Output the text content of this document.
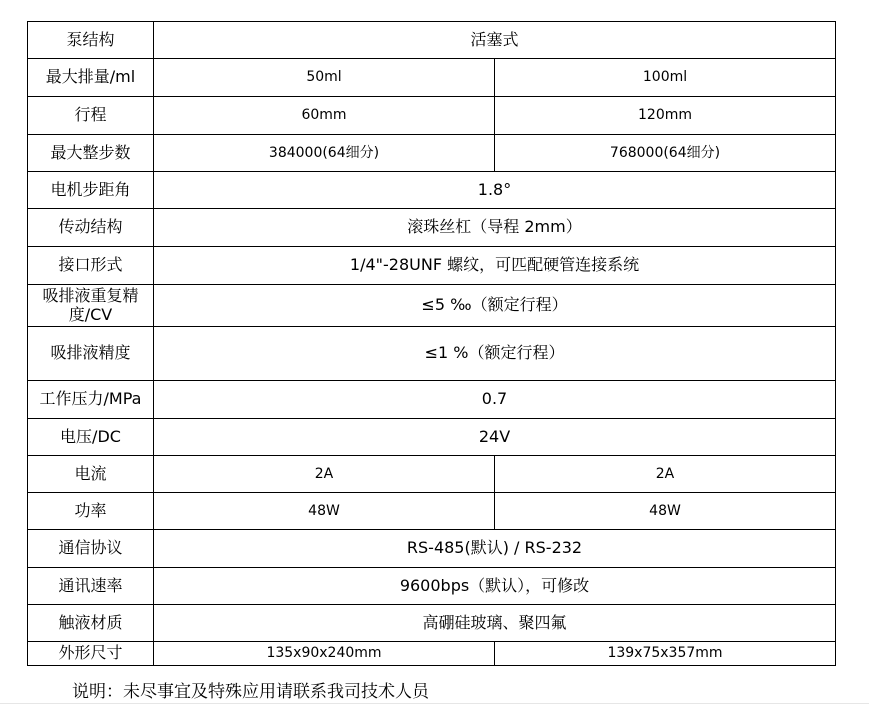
泵结构	活塞式	
最大排量/ml	50ml	100ml
行程	60mm	120mm
最大整步数	384000(64细分)	768000(64细分)
电机步距角	1.8°	
传动结构	滚珠丝杠（导程 2mm）	
接口形式	1/4"-28UNF 螺纹，可匹配硬管连接系统	
吸排液重复精度/CV	≤5 ‰（额定行程）	
吸排液精度	≤1 %（额定行程）	
工作压力/MPa	0.7	
电压/DC	24V	
电流	2A	2A
功率	48W	48W
通信协议	RS-485(默认) / RS-232	
通讯速率	9600bps（默认），可修改	
触液材质	高硼硅玻璃、聚四氟	
外形尺寸	135x90x240mm	139x75x357mm
说明：未尽事宜及特殊应用请联系我司技术人员
